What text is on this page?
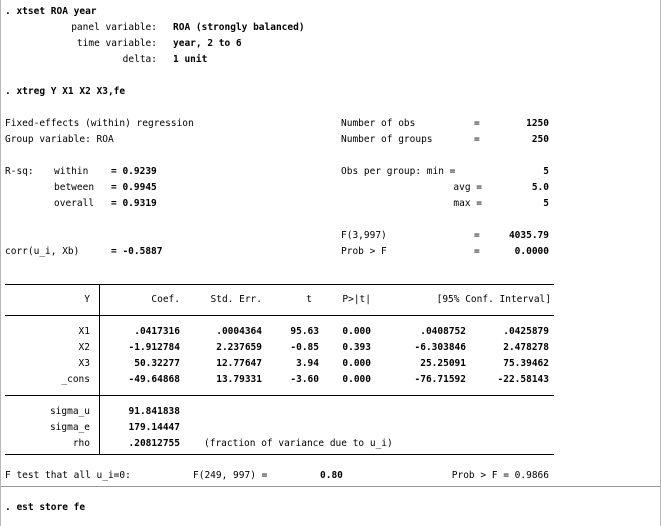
. xtset ROA year
panel variable: ROA (strongly balanced)
time variable: year, 2 to 6
delta: 1 unit
. xtreg Y X1 X2 X3,fe
Fixed-effects (within) regression	Number of obs	=	1250
Group variable: ROA	Number of groups	=	250
R-sq: within = 0.9239	Obs per group: min =	5
between = 0.9945	avg =	5.0
overall = 0.9319	max =	5
F(3,997)	=	4035.79
corr(u_i, Xb)	= -0.5887	Prob > F	=	0.0000
Y	Coef.	Std. Err.	t	P>|t|	[95% Conf. Interval]
X1	.0417316	.0004364	95.63 0.000	.0408752	.0425879
X2	-1.912784	2.237659	-0.85 0.393	-6.303846	2.478278
X3	50.32277	12.77647	3.94 0.000	25.25091	75.39462
_cons	-49.64868	13.79331	-3.60 0.000	-76.71592	-22.58143
sigma_u	91.841838
sigma_e	179.14447
rho	.20812755	(fraction of variance due to u_i)
F test that all u_i=0:	F(249, 997) =	0.80	Prob > F = 0.9866
. est store fe
